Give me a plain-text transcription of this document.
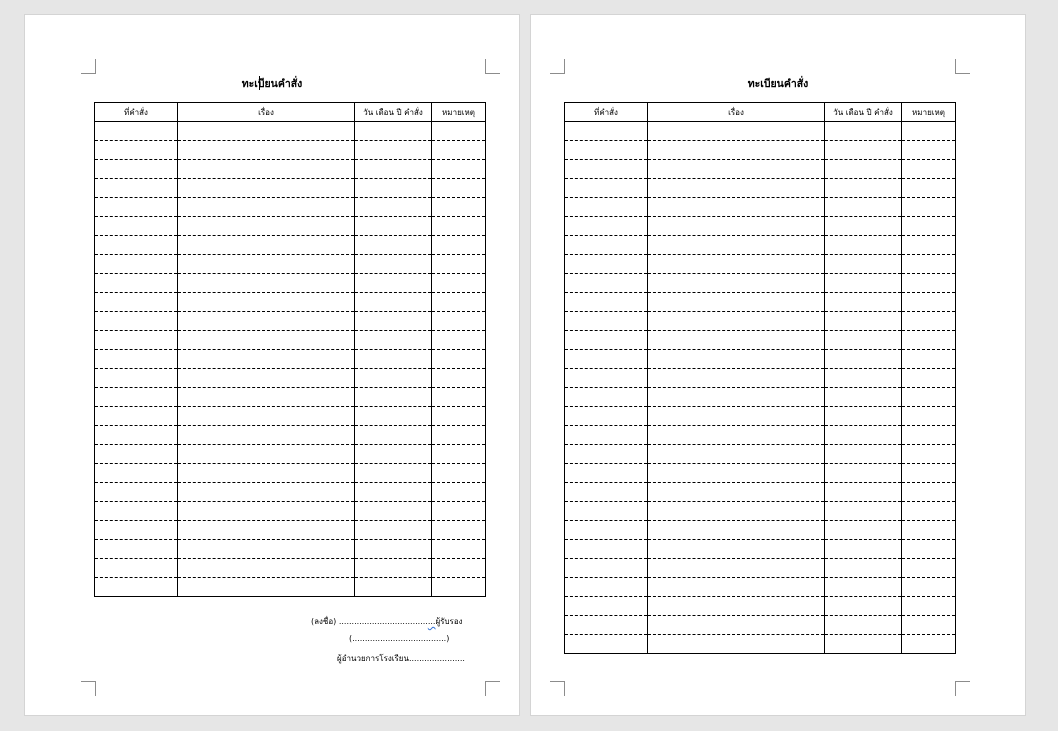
ทะเบียนคำสั่ง
ที่คำสั่ง	เรื่อง	วัน เดือน ปี คำสั่ง	หมายเหตุ

(ลงชื่อ) ......................................ผู้รับรอง
(.....................................)
ผู้อำนวยการโรงเรียน......................
ทะเบียนคำสั่ง
ที่คำสั่ง	เรื่อง	วัน เดือน ปี คำสั่ง	หมายเหตุ
